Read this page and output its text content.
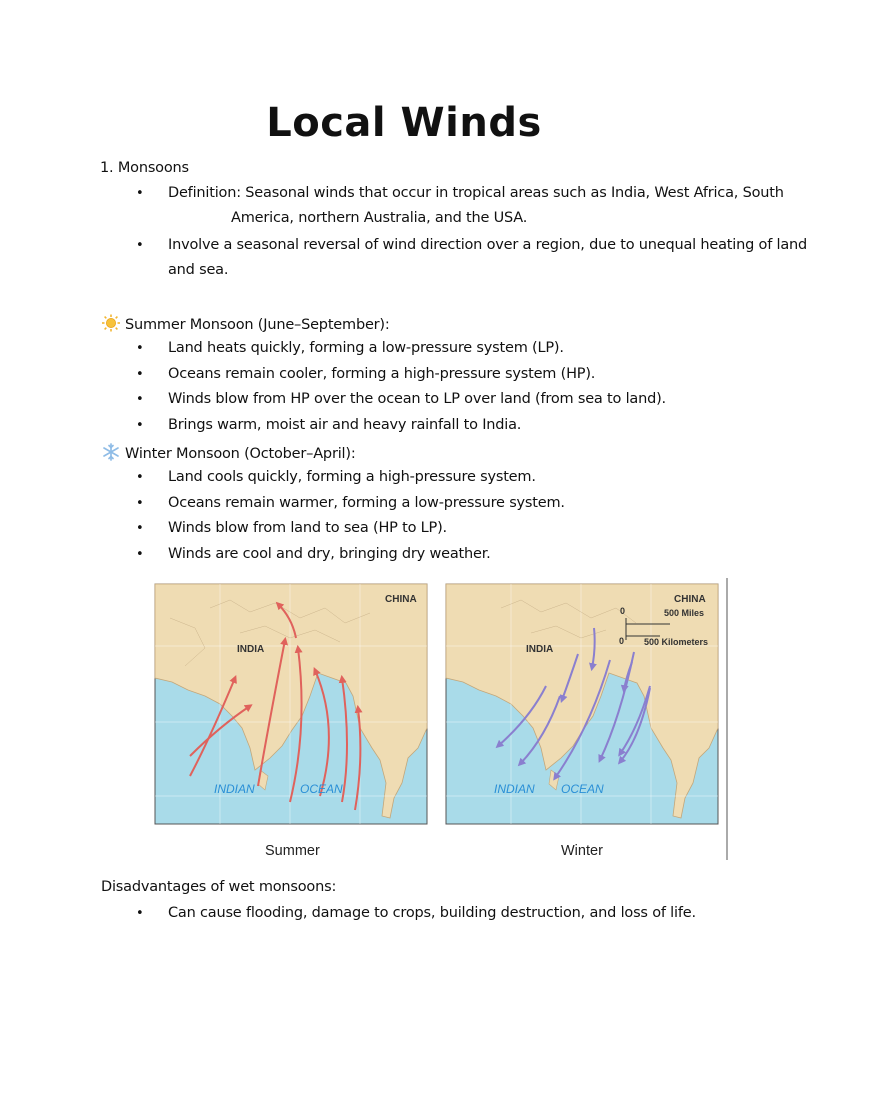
Local Winds
1. Monsoons
• Definition: Seasonal winds that occur in tropical areas such as India, West Africa, South
America, northern Australia, and the USA.
• Involve a seasonal reversal of wind direction over a region, due to unequal heating of land
and sea.
Summer Monsoon (June–September):
• Land heats quickly, forming a low-pressure system (LP).
• Oceans remain cooler, forming a high-pressure system (HP).
• Winds blow from HP over the ocean to LP over land (from sea to land).
• Brings warm, moist air and heavy rainfall to India.
Winter Monsoon (October–April):
• Land cools quickly, forming a high-pressure system.
• Oceans remain warmer, forming a low-pressure system.
• Winds blow from land to sea (HP to LP).
• Winds are cool and dry, bringing dry weather.
CHINA
INDIA
INDIAN	OCEAN
0
0
500 Miles
500 Kilometers
CHINA
INDIA
INDIAN OCEAN
Summer	Winter
Disadvantages of wet monsoons:
• Can cause flooding, damage to crops, building destruction, and loss of life.
